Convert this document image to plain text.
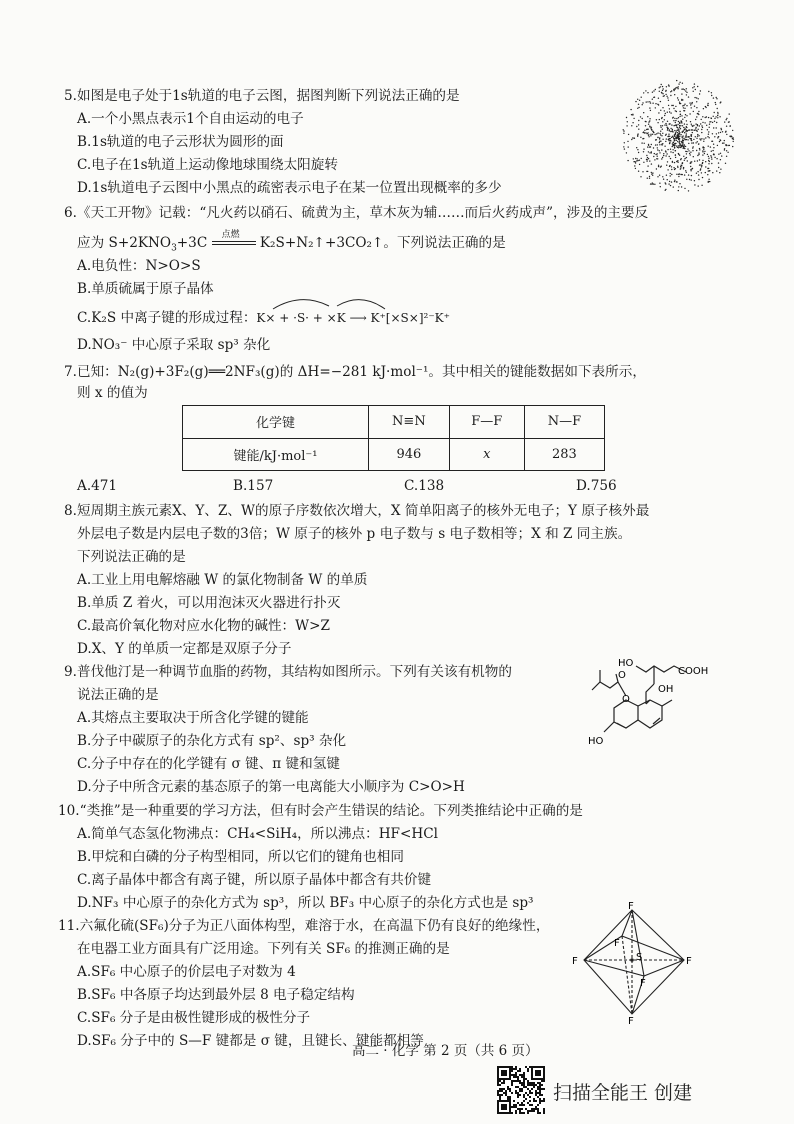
5.如图是电子处于1s轨道的电子云图，据图判断下列说法正确的是
A.一个小黑点表示1个自由运动的电子
B.1s轨道的电子云形状为圆形的面
C.电子在1s轨道上运动像地球围绕太阳旋转
D.1s轨道电子云图中小黑点的疏密表示电子在某一位置出现概率的多少
6.《天工开物》记载：“凡火药以硝石、硫黄为主，草木灰为辅……而后火药成声”，涉及的主要反
应为 $S+2KNO_3+3C$
点燃
K₂S+N₂↑+3CO₂↑。下列说法正确的是
A.电负性：N>O>S
B.单质硫属于原子晶体
C.K₂S 中离子键的形成过程：K× + ·S· + ×K ⟶ K⁺[×S×]²⁻K⁺
D.NO₃⁻ 中心原子采取 sp³ 杂化
7.已知：N₂(g)+3F₂(g)══2NF₃(g)的 ΔH=−281 kJ·mol⁻¹。其中相关的键能数据如下表所示，
则 x 的值为
化学键	N≡N	F—F	N—F
键能/kJ·mol⁻¹	946	x	283
A.471	B.157	C.138	D.756
8.短周期主族元素X、Y、Z、W的原子序数依次增大，X 简单阳离子的核外无电子；Y 原子核外最
外层电子数是内层电子数的3倍；W 原子的核外 p 电子数与 s 电子数相等；X 和 Z 同主族。
下列说法正确的是
A.工业上用电解熔融 W 的氯化物制备 W 的单质
B.单质 Z 着火，可以用泡沫灭火器进行扑灭
C.最高价氧化物对应水化物的碱性：W>Z
D.X、Y 的单质一定都是双原子分子
9.普伐他汀是一种调节血脂的药物，其结构如图所示。下列有关该有机物的
说法正确的是
A.其熔点主要取决于所含化学键的键能
B.分子中碳原子的杂化方式有 sp²、sp³ 杂化
C.分子中存在的化学键有 σ 键、π 键和氢键
D.分子中所含元素的基态原子的第一电离能大小顺序为 C>O>H
O
O
HO
COOH
OH
HO
10.“类推”是一种重要的学习方法，但有时会产生错误的结论。下列类推结论中正确的是
A.简单气态氢化物沸点：CH₄<SiH₄，所以沸点：HF<HCl
B.甲烷和白磷的分子构型相同，所以它们的键角也相同
C.离子晶体中都含有离子键，所以原子晶体中都含有共价键
D.NF₃ 中心原子的杂化方式为 sp³，所以 BF₃ 中心原子的杂化方式也是 sp³
11.六氟化硫(SF₆)分子为正八面体构型，难溶于水，在高温下仍有良好的绝缘性，
在电器工业方面具有广泛用途。下列有关 SF₆ 的推测正确的是
A.SF₆ 中心原子的价层电子对数为 4
B.SF₆ 中各原子均达到最外层 8 电子稳定结构
C.SF₆ 分子是由极性键形成的极性分子
D.SF₆ 分子中的 S—F 键都是 σ 键，且键长、键能都相等
F
F
F	F
S
F
F
高二 · 化学 第 2 页（共 6 页）
扫描全能王 创建
